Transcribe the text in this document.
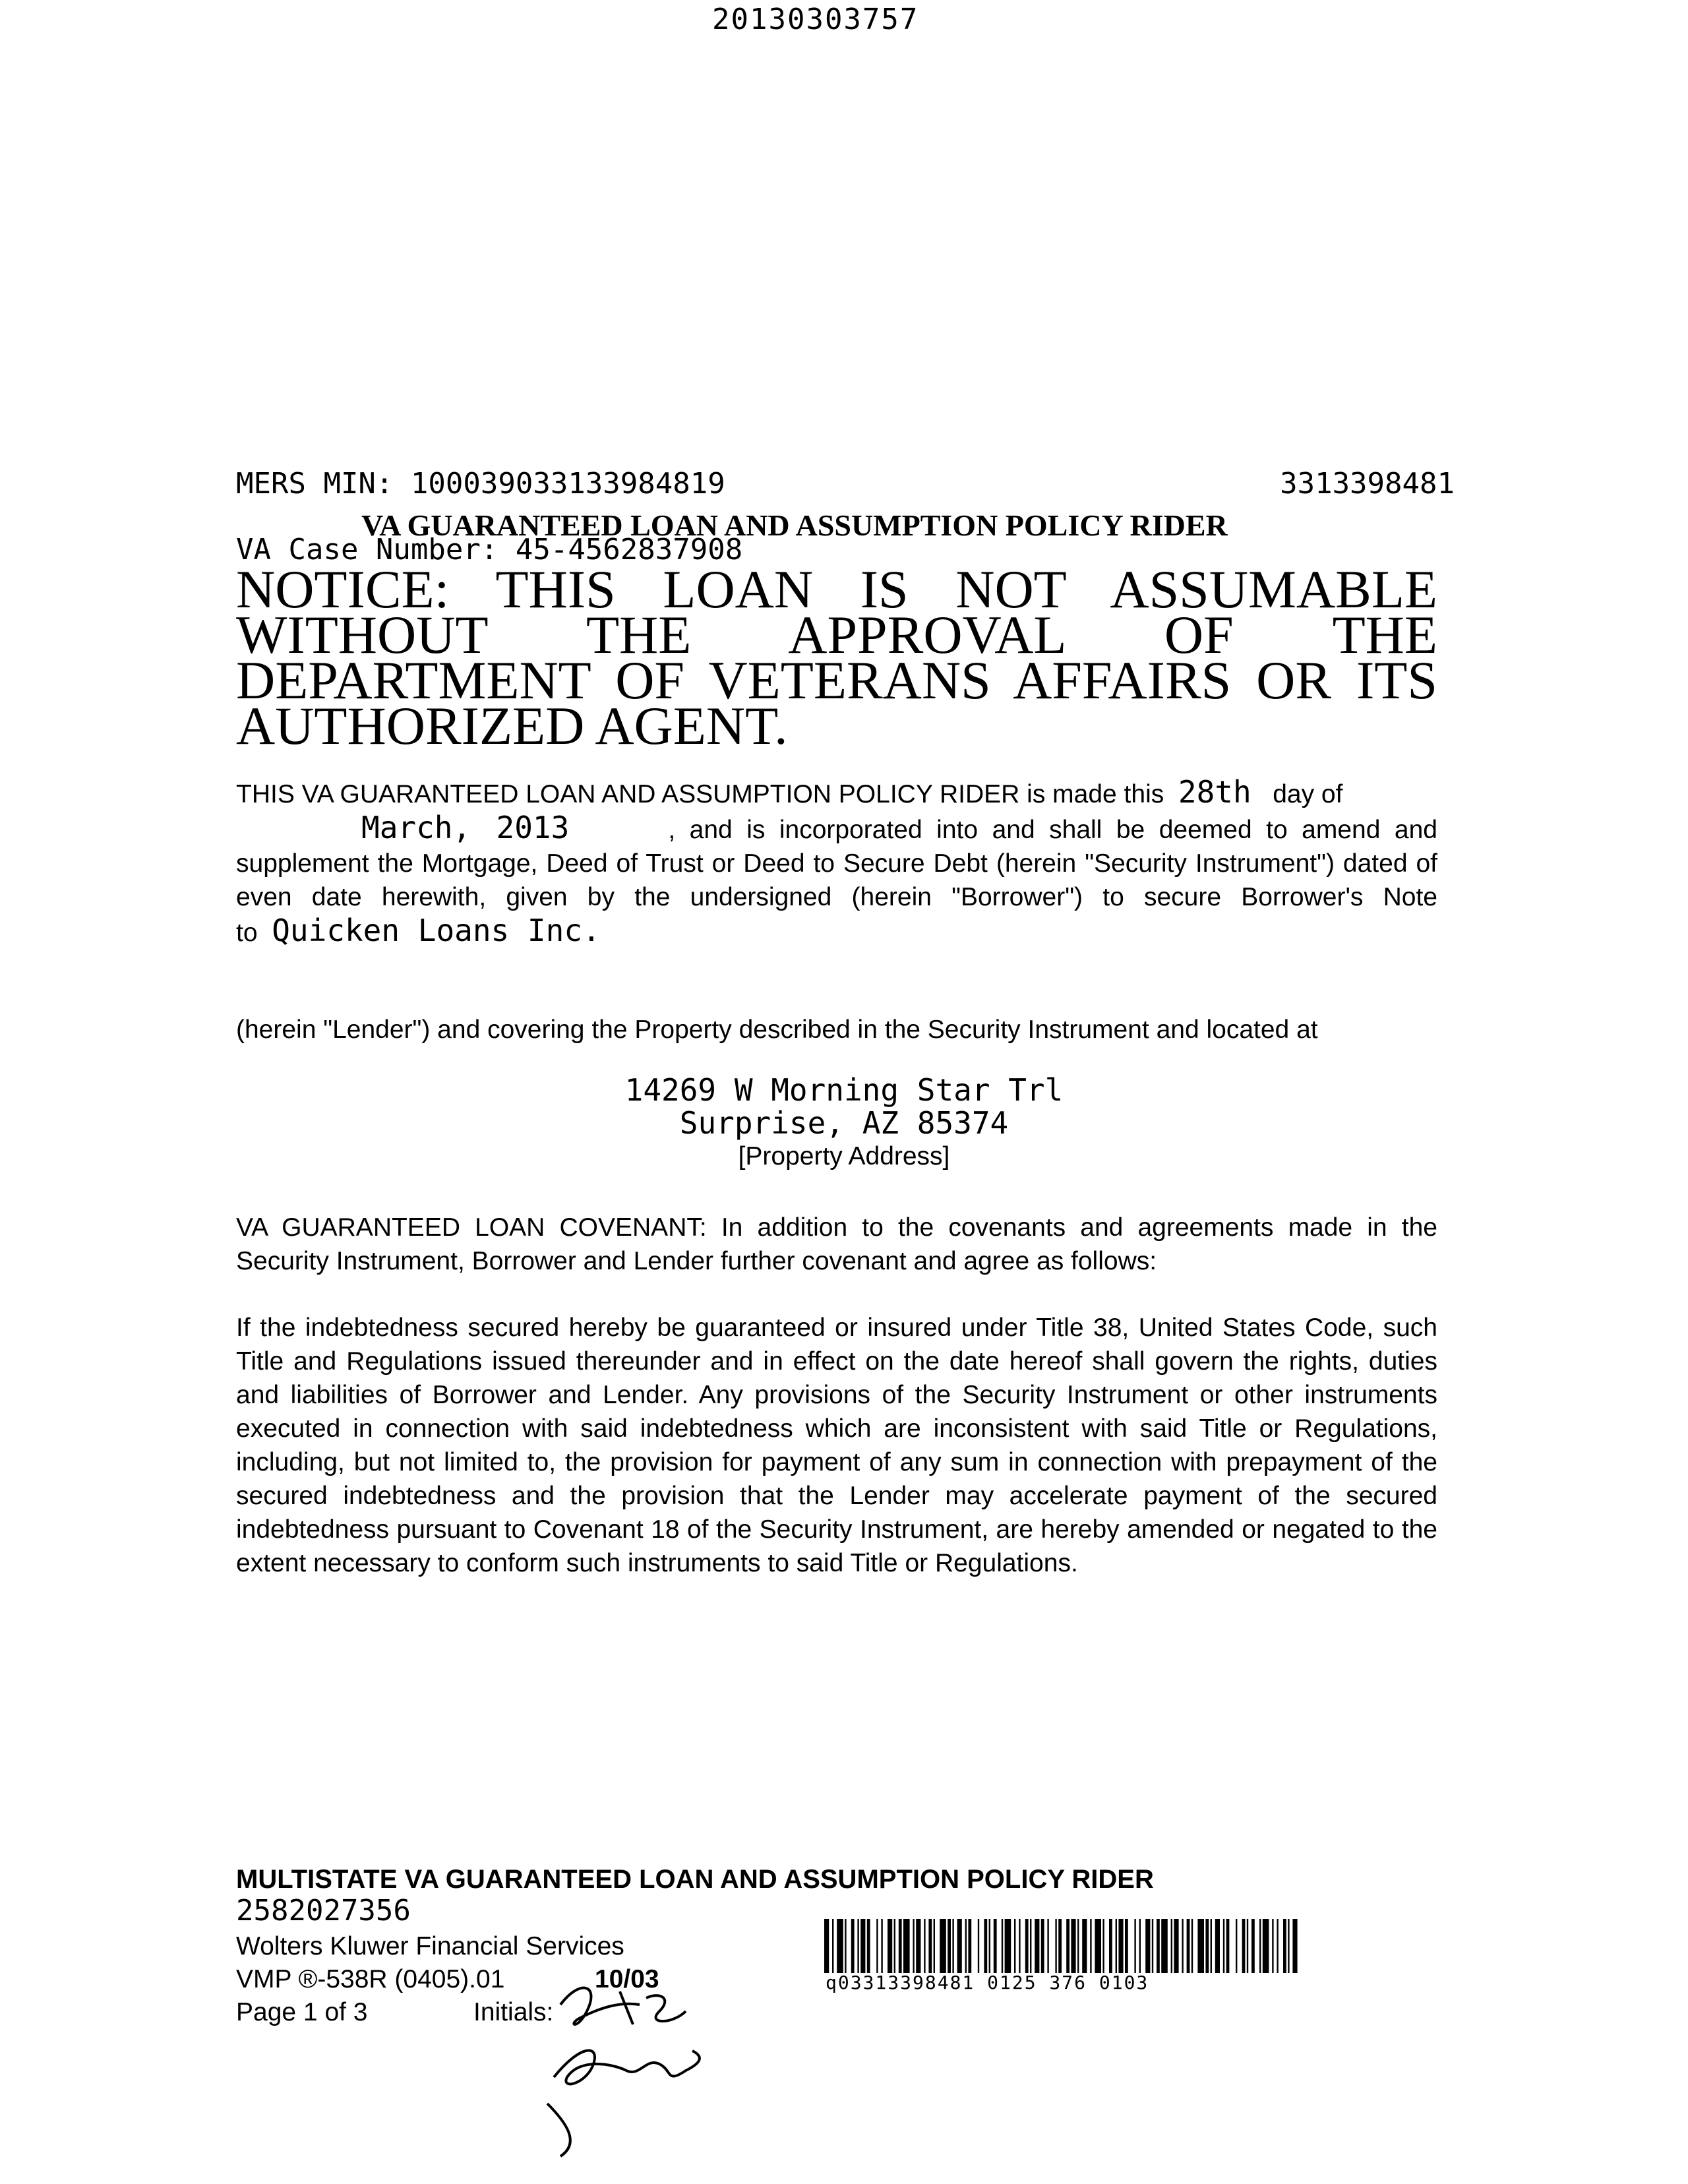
20130303757
MERS MIN: 100039033133984819	3313398481
VA GUARANTEED LOAN AND ASSUMPTION POLICY RIDER
VA Case Number: 45-4562837908
NOTICE: THIS LOAN IS NOT ASSUMABLE WITHOUT THE APPROVAL OF THE DEPARTMENT OF VETERANS AFFAIRS OR ITS AUTHORIZED AGENT.
THIS VA GUARANTEED LOAN AND ASSUMPTION POLICY RIDER is made this 28th day of
March, 2013	, and is incorporated into and shall be deemed to amend and supplement the Mortgage, Deed of Trust or Deed to Secure Debt (herein "Security Instrument") dated of even date herewith, given by the undersigned (herein "Borrower") to secure Borrower's Note to Quicken Loans Inc.
(herein "Lender") and covering the Property described in the Security Instrument and located at
14269 W Morning Star Trl
Surprise, AZ 85374
[Property Address]
VA GUARANTEED LOAN COVENANT: In addition to the covenants and agreements made in the Security Instrument, Borrower and Lender further covenant and agree as follows:
If the indebtedness secured hereby be guaranteed or insured under Title 38, United States Code, such Title and Regulations issued thereunder and in effect on the date hereof shall govern the rights, duties and liabilities of Borrower and Lender. Any provisions of the Security Instrument or other instruments executed in connection with said indebtedness which are inconsistent with said Title or Regulations, including, but not limited to, the provision for payment of any sum in connection with prepayment of the secured indebtedness and the provision that the Lender may accelerate payment of the secured indebtedness pursuant to Covenant 18 of the Security Instrument, are hereby amended or negated to the extent necessary to conform such instruments to said Title or Regulations.
MULTISTATE VA GUARANTEED LOAN AND ASSUMPTION POLICY RIDER
2582027356
Wolters Kluwer Financial Services
VMP ®-538R (0405).01	10/03
Page 1 of 3	Initials:
q03313398481 0125 376 0103
